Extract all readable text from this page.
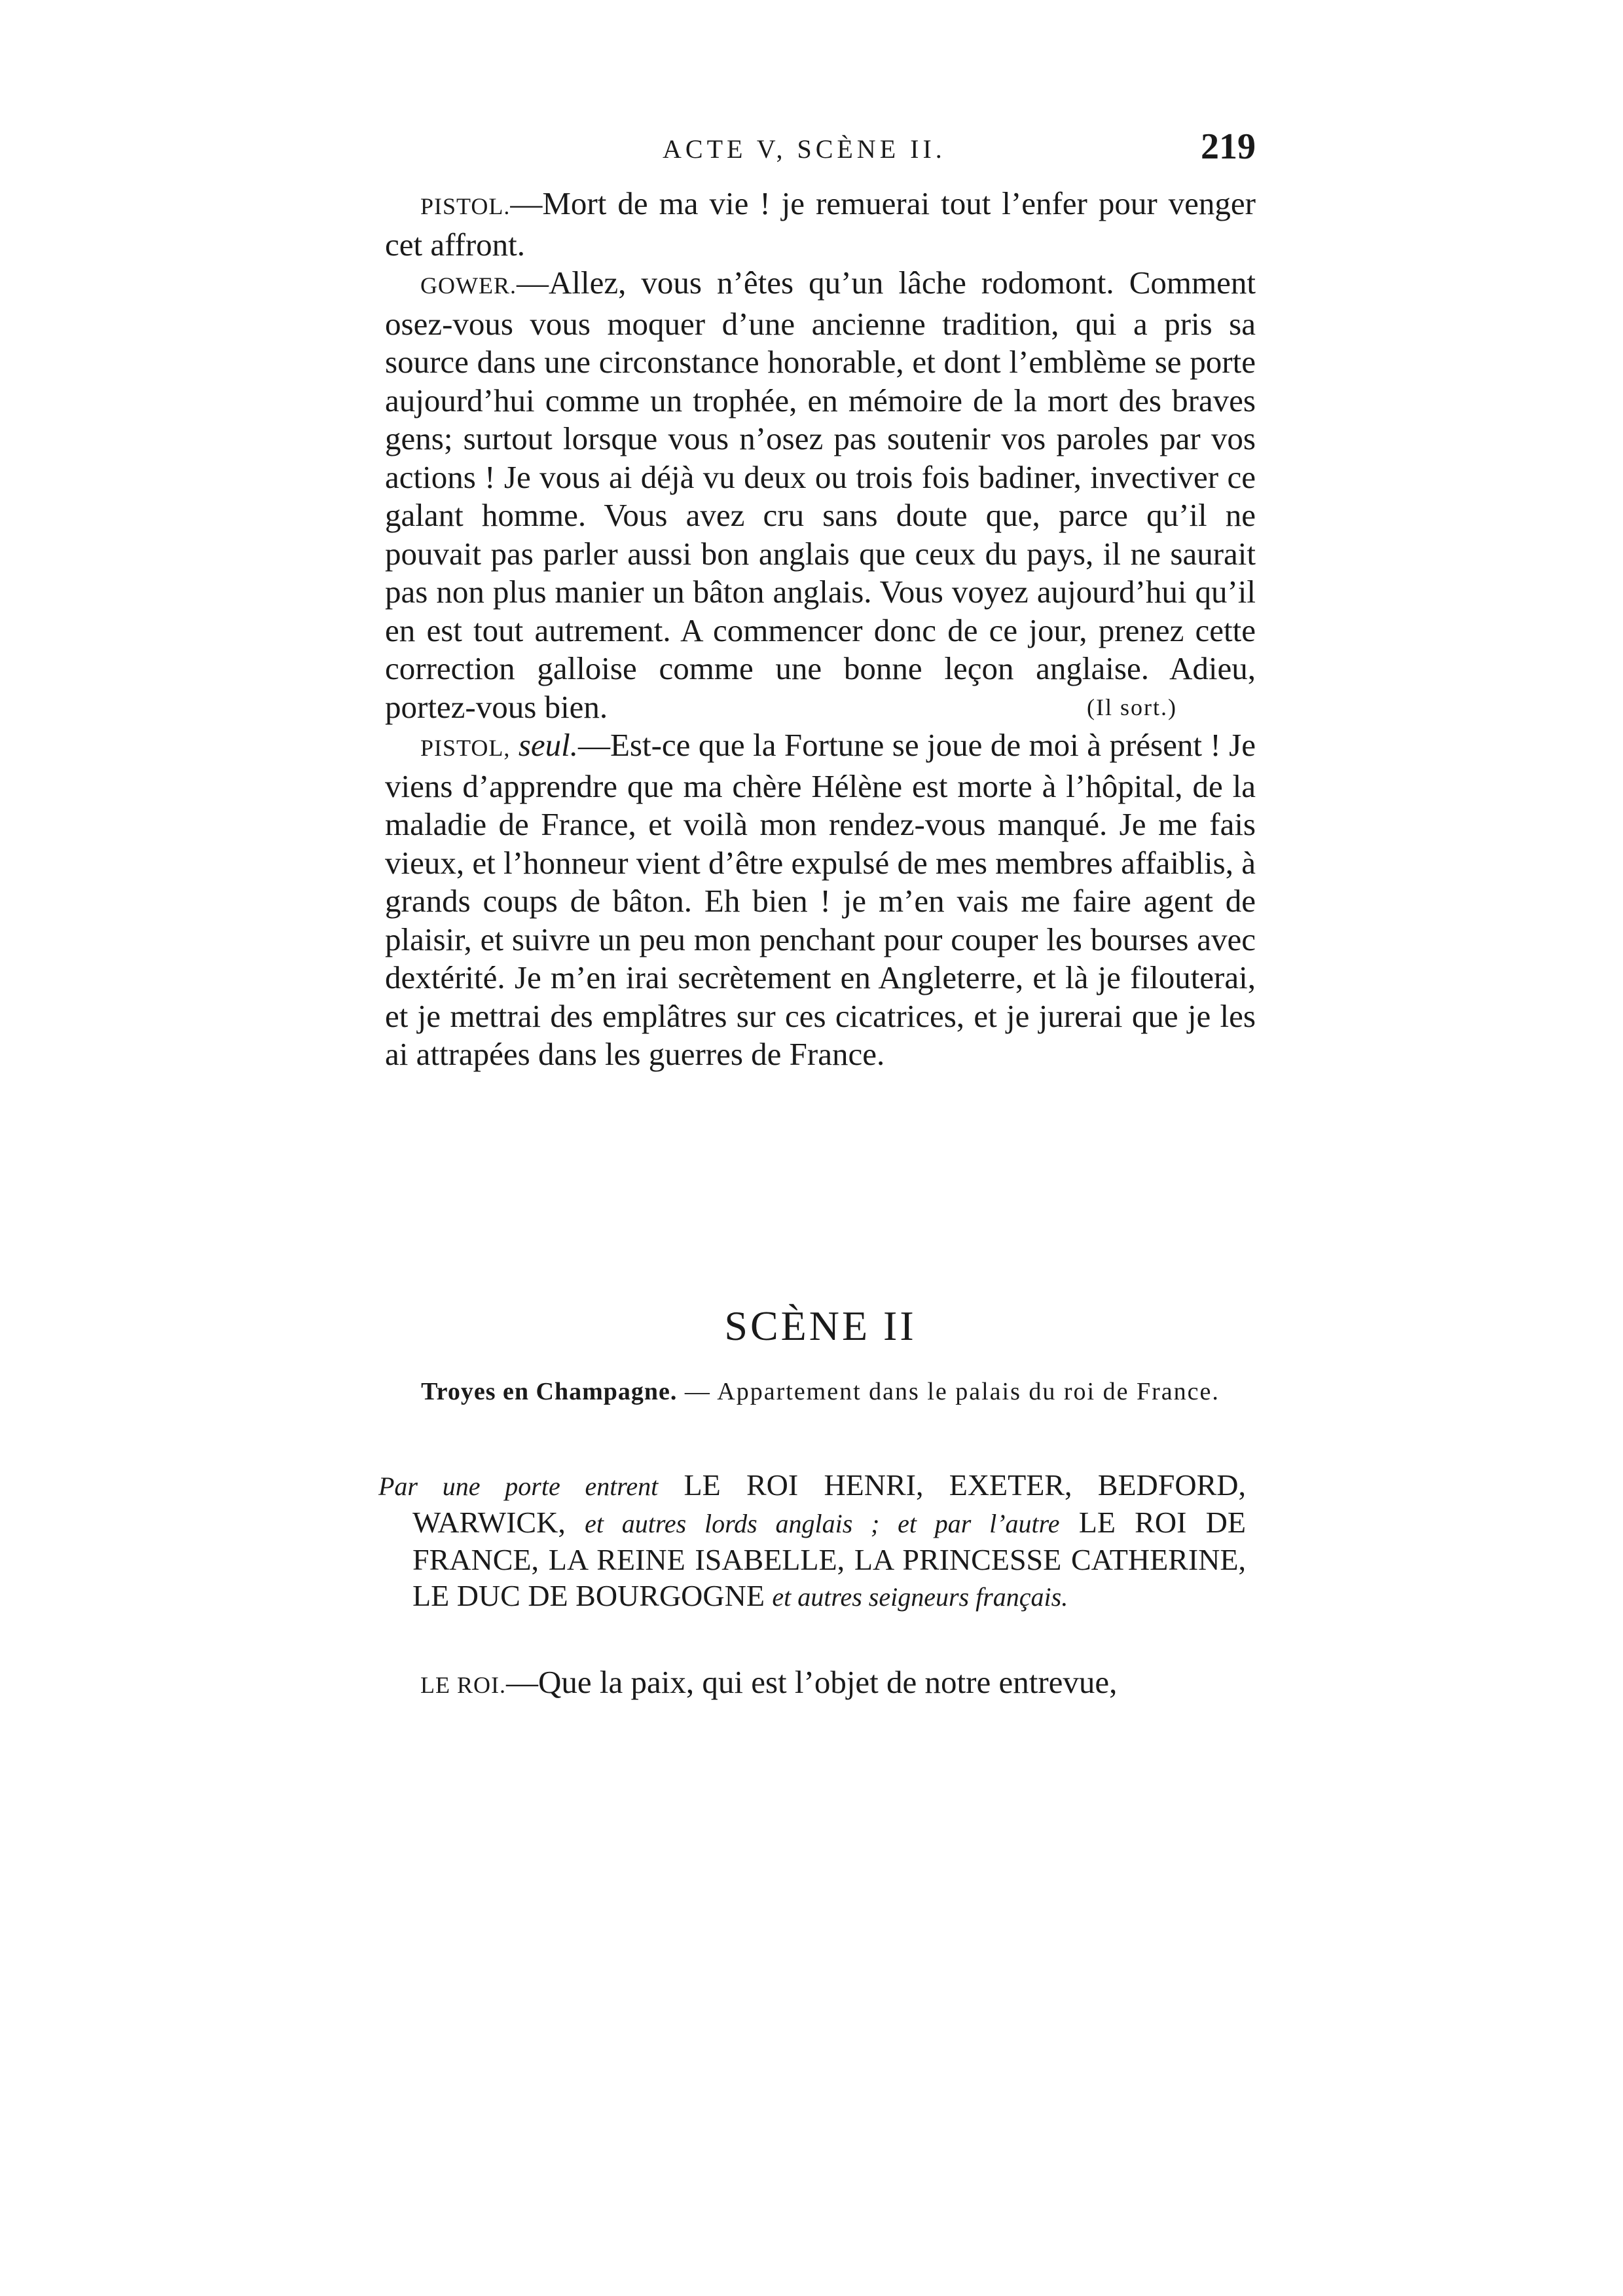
ACTE V, SCÈNE II.	219

PISTOL.—Mort de ma vie ! je remuerai tout l’enfer pour venger cet affront.

GOWER.—Allez, vous n’êtes qu’un lâche rodomont. Comment osez-vous vous moquer d’une ancienne tradition, qui a pris sa source dans une circonstance honorable, et dont l’emblème se porte aujourd’hui comme un trophée, en mémoire de la mort des braves gens; surtout lorsque vous n’osez pas soutenir vos paroles par vos actions ! Je vous ai déjà vu deux ou trois fois badiner, invectiver ce galant homme. Vous avez cru sans doute que, parce qu’il ne pouvait pas parler aussi bon anglais que ceux du pays, il ne saurait pas non plus manier un bâton anglais. Vous voyez aujourd’hui qu’il en est tout autrement. A commencer donc de ce jour, prenez cette correction galloise comme une bonne leçon anglaise. Adieu, portez-vous bien.	(Il sort.)

PISTOL, seul.—Est-ce que la Fortune se joue de moi à présent ! Je viens d’apprendre que ma chère Hélène est morte à l’hôpital, de la maladie de France, et voilà mon rendez-vous manqué. Je me fais vieux, et l’honneur vient d’être expulsé de mes membres affaiblis, à grands coups de bâton. Eh bien ! je m’en vais me faire agent de plaisir, et suivre un peu mon penchant pour couper les bourses avec dextérité. Je m’en irai secrètement en Angleterre, et là je filouterai, et je mettrai des emplâtres sur ces cicatrices, et je jurerai que je les ai attrapées dans les guerres de France.

SCÈNE II
Troyes en Champagne. — Appartement dans le palais du roi de France.
Par une porte entrent LE ROI HENRI, EXETER, BEDFORD, WARWICK, et autres lords anglais ; et par l’autre LE ROI DE FRANCE, LA REINE ISABELLE, LA PRINCESSE CATHERINE, LE DUC DE BOURGOGNE et autres seigneurs français.
LE ROI.—Que la paix, qui est l’objet de notre entrevue,
